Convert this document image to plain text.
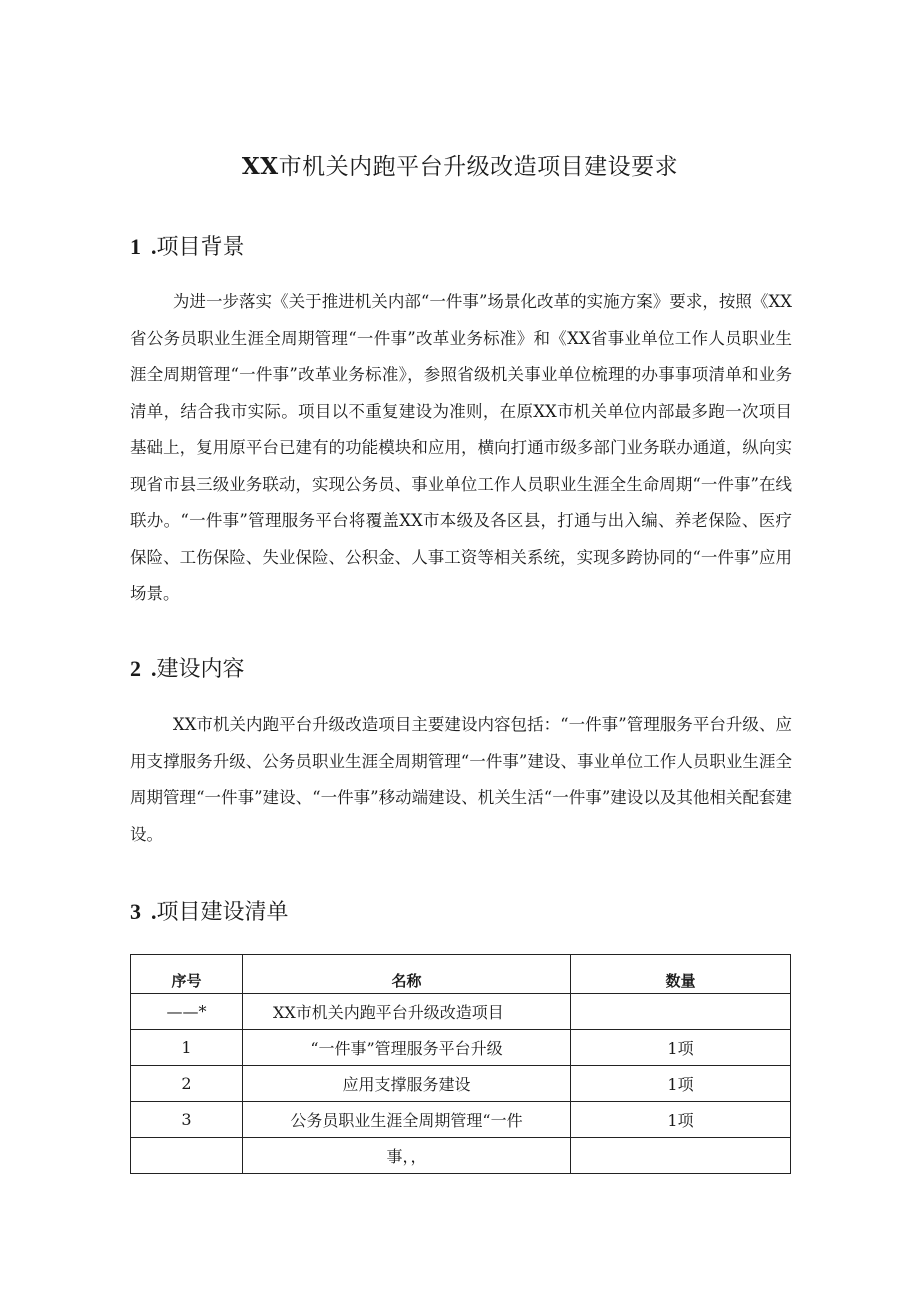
XX市机关内跑平台升级改造项目建设要求
1 .项目背景

为进一步落实《关于推进机关内部“一件事”场景化改革的实施方案》要求，按照《XX省公务员职业生涯全周期管理“一件事”改革业务标准》和《XX省事业单位工作人员职业生涯全周期管理“一件事”改革业务标准》，参照省级机关事业单位梳理的办事事项清单和业务清单，结合我市实际。项目以不重复建设为准则，在原XX市机关单位内部最多跑一次项目基础上，复用原平台已建有的功能模块和应用，横向打通市级多部门业务联办通道，纵向实现省市县三级业务联动，实现公务员、事业单位工作人员职业生涯全生命周期“一件事”在线联办。“一件事”管理服务平台将覆盖XX市本级及各区县，打通与出入编、养老保险、医疗保险、工伤保险、失业保险、公积金、人事工资等相关系统，实现多跨协同的“一件事”应用场景。

2 .建设内容

XX市机关内跑平台升级改造项目主要建设内容包括：“一件事”管理服务平台升级、应用支撑服务升级、公务员职业生涯全周期管理“一件事”建设、事业单位工作人员职业生涯全周期管理“一件事”建设、“一件事”移动端建设、机关生活“一件事”建设以及其他相关配套建设。

3 .项目建设清单
序号	名称	数量
——*	XX市机关内跑平台升级改造项目	
1	“一件事”管理服务平台升级	1项
2	应用支撑服务建设	1项
3	公务员职业生涯全周期管理“一件	1项
	事，，	
